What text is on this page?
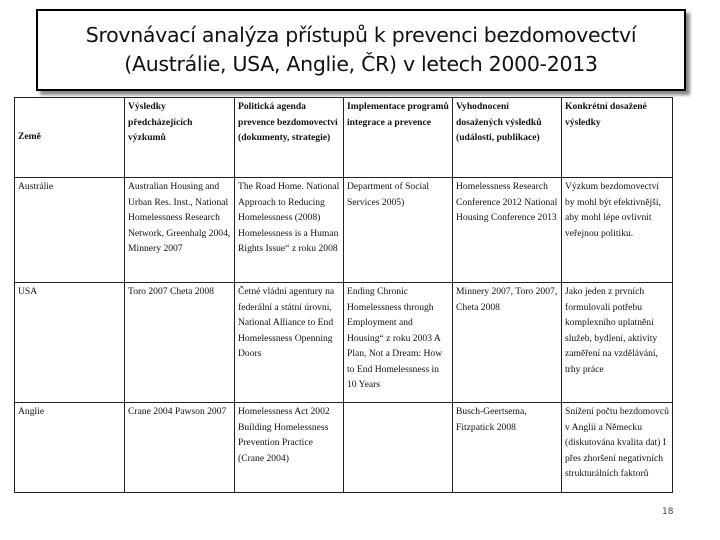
Srovnávací analýza přístupů k prevenci bezdomovectví
(Austrálie, USA, Anglie, ČR) v letech 2000-2013
Země	Výsledky předcházejících výzkumů	Politická agenda prevence bezdomovectví (dokumenty, strategie)	Implementace programů integrace a prevence	Vyhodnocení dosažených výsledků (události, publikace)	Konkrétní dosažené výsledky
Austrálie	Australian Housing and Urban Res. Inst., National Homelessness Research Network, Greenhalg 2004, Minnery 2007	The Road Home. National Approach to Reducing Homelessness (2008) Homelessness is a Human Rights Issue“ z roku 2008	Department of Social Services 2005)	Homelessness Research Conference 2012 National Housing Conference 2013	Výzkum bezdomovectví by mohl být efektivnější, aby mohl lépe ovlivnit veřejnou politiku.
USA	Toro 2007 Cheta 2008	Četné vládní agentury na federální a státní úrovni, National Alliance to End Homelessness Openning Doors	Ending Chronic Homelessness through Employment and Housing“ z roku 2003 A Plan, Not a Dream: How to End Homelessness in 10 Years	Minnery 2007, Toro 2007, Cheta 2008	Jako jeden z prvních formulovali potřebu komplexního uplatnění služeb, bydlení, aktivity zaměření na vzdělávání, trhy práce
Anglie	Crane 2004 Pawson 2007	Homelessness Act 2002 Building Homelessness Prevention Practice (Crane 2004)		Busch-Geertsema, Fitzpatick 2008	Snížení počtu bezdomovců v Anglii a Německu (diskutována kvalita dat) I přes zhoršení negativních strukturálních faktorů
18
